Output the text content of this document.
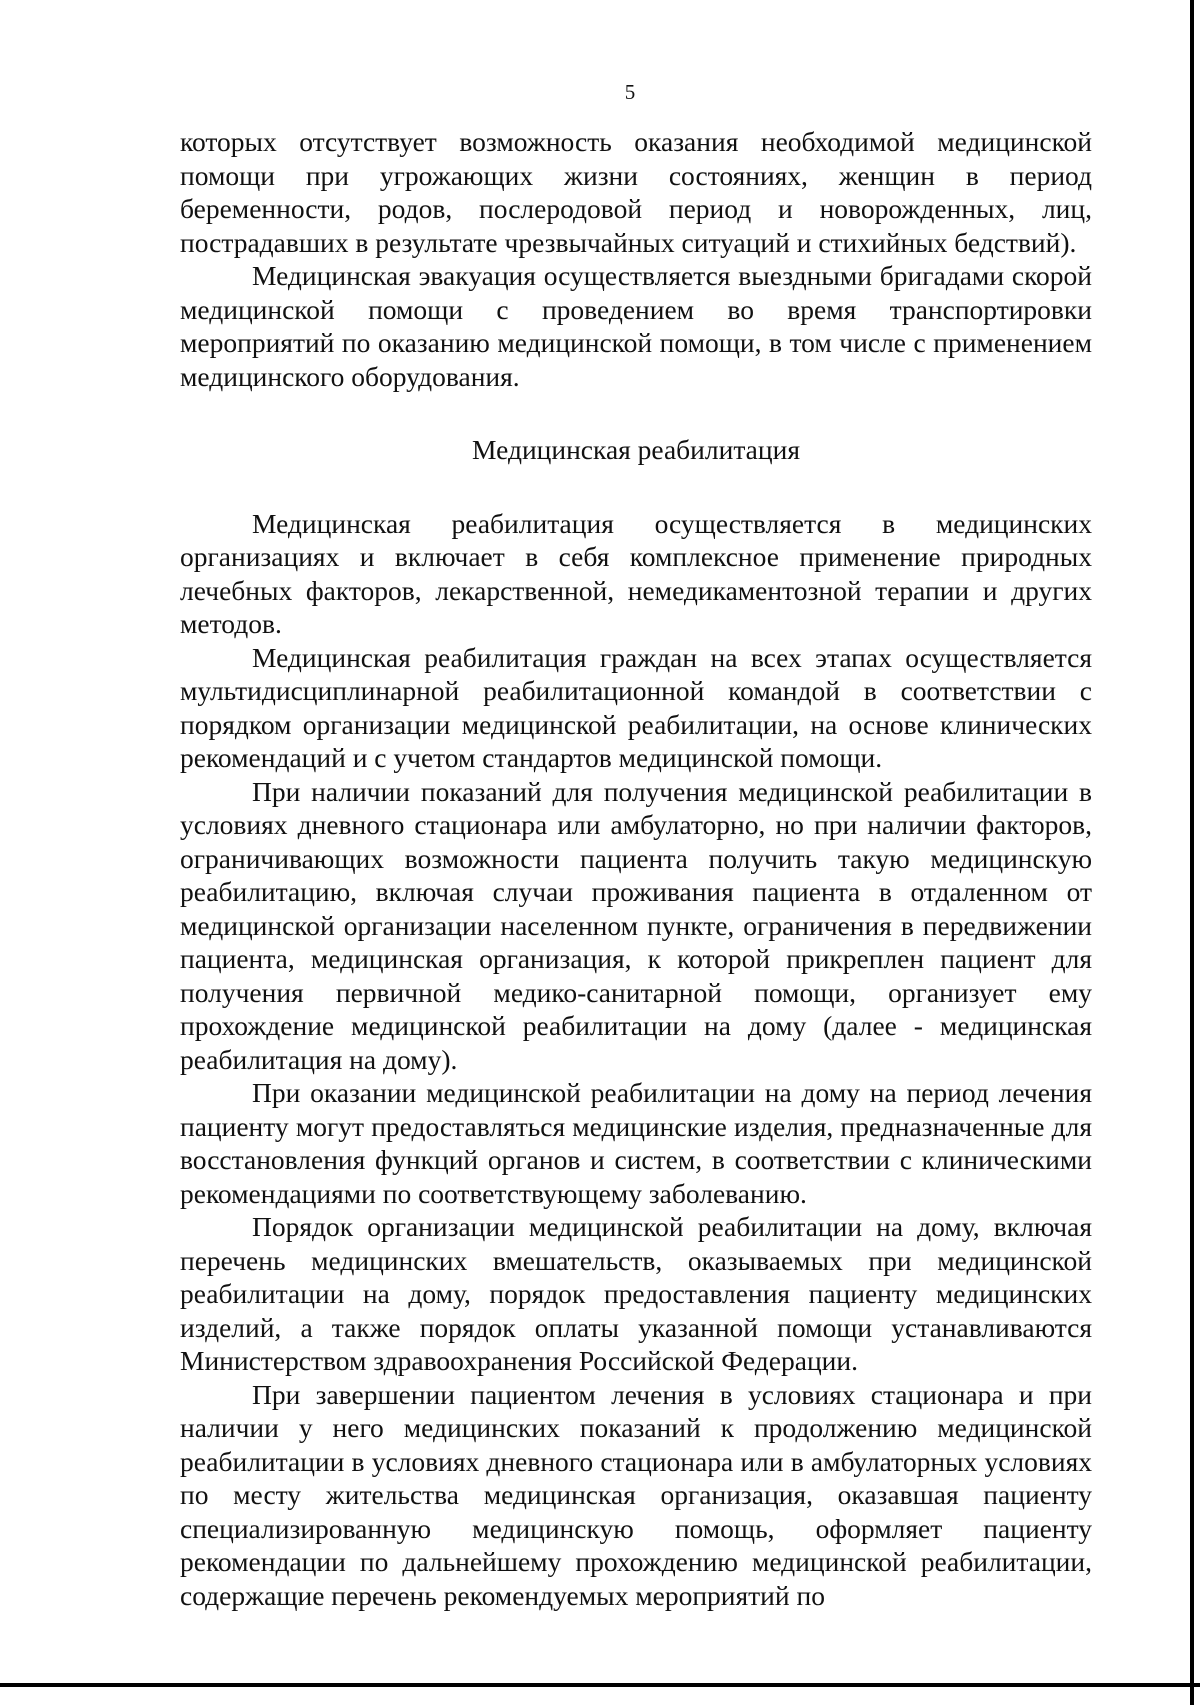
5

которых отсутствует возможность оказания необходимой медицинской помощи при угрожающих жизни состояниях, женщин в период беременности, родов, послеродовой период и новорожденных, лиц, пострадавших в результате чрезвычайных ситуаций и стихийных бедствий).

Медицинская эвакуация осуществляется выездными бригадами скорой медицинской помощи с проведением во время транспортировки мероприятий по оказанию медицинской помощи, в том числе с применением медицинского оборудования.

Медицинская реабилитация

Медицинская реабилитация осуществляется в медицинских организациях и включает в себя комплексное применение природных лечебных факторов, лекарственной, немедикаментозной терапии и других методов.

Медицинская реабилитация граждан на всех этапах осуществляется мультидисциплинарной реабилитационной командой в соответствии с порядком организации медицинской реабилитации, на основе клинических рекомендаций и с учетом стандартов медицинской помощи.

При наличии показаний для получения медицинской реабилитации в условиях дневного стационара или амбулаторно, но при наличии факторов, ограничивающих возможности пациента получить такую медицинскую реабилитацию, включая случаи проживания пациента в отдаленном от медицинской организации населенном пункте, ограничения в передвижении пациента, медицинская организация, к которой прикреплен пациент для получения первичной медико-санитарной помощи, организует ему прохождение медицинской реабилитации на дому (далее - медицинская реабилитация на дому).

При оказании медицинской реабилитации на дому на период лечения пациенту могут предоставляться медицинские изделия, предназначенные для восстановления функций органов и систем, в соответствии с клиническими рекомендациями по соответствующему заболеванию.

Порядок организации медицинской реабилитации на дому, включая перечень медицинских вмешательств, оказываемых при медицинской реабилитации на дому, порядок предоставления пациенту медицинских изделий, а также порядок оплаты указанной помощи устанавливаются Министерством здравоохранения Российской Федерации.

При завершении пациентом лечения в условиях стационара и при наличии у него медицинских показаний к продолжению медицинской реабилитации в условиях дневного стационара или в амбулаторных условиях по месту жительства медицинская организация, оказавшая пациенту специализированную медицинскую помощь, оформляет пациенту рекомендации по дальнейшему прохождению медицинской реабилитации, содержащие перечень рекомендуемых мероприятий по
